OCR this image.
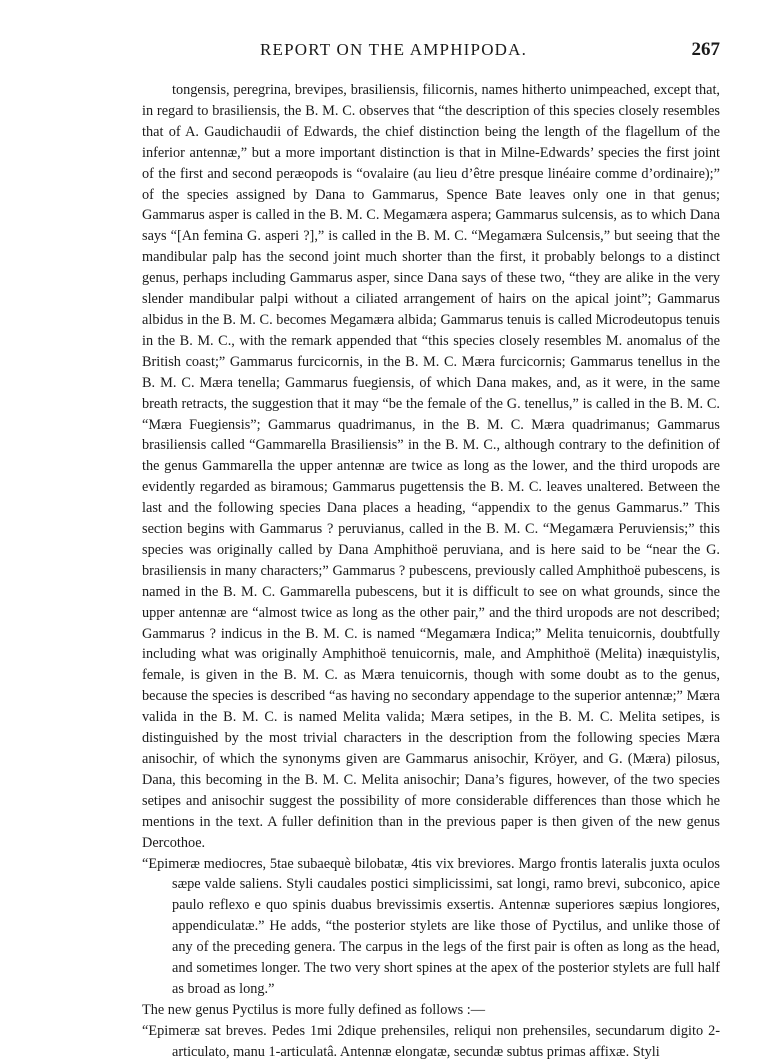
REPORT ON THE AMPHIPODA.	267

tongensis, peregrina, brevipes, brasiliensis, filicornis, names hitherto unimpeached, except that, in regard to brasiliensis, the B. M. C. observes that “the description of this species closely resembles that of A. Gaudichaudii of Edwards, the chief distinction being the length of the flagellum of the inferior antennæ,” but a more important distinction is that in Milne-Edwards’ species the first joint of the first and second peræopods is “ovalaire (au lieu d’être presque linéaire comme d’ordinaire);” of the species assigned by Dana to Gammarus, Spence Bate leaves only one in that genus; Gammarus asper is called in the B. M. C. Megamæra aspera; Gammarus sulcensis, as to which Dana says “[An femina G. asperi ?],” is called in the B. M. C. “Megamæra Sulcensis,” but seeing that the mandibular palp has the second joint much shorter than the first, it probably belongs to a distinct genus, perhaps including Gammarus asper, since Dana says of these two, “they are alike in the very slender mandibular palpi without a ciliated arrangement of hairs on the apical joint”; Gammarus albidus in the B. M. C. becomes Megamæra albida; Gammarus tenuis is called Microdeutopus tenuis in the B. M. C., with the remark appended that “this species closely resembles M. anomalus of the British coast;” Gammarus furcicornis, in the B. M. C. Mæra furcicornis; Gammarus tenellus in the B. M. C. Mæra tenella; Gammarus fuegiensis, of which Dana makes, and, as it were, in the same breath retracts, the suggestion that it may “be the female of the G. tenellus,” is called in the B. M. C. “Mæra Fuegiensis”; Gammarus quadrimanus, in the B. M. C. Mæra quadrimanus; Gammarus brasiliensis called “Gammarella Brasiliensis” in the B. M. C., although contrary to the definition of the genus Gammarella the upper antennæ are twice as long as the lower, and the third uropods are evidently regarded as biramous; Gammarus pugettensis the B. M. C. leaves unaltered. Between the last and the following species Dana places a heading, “appendix to the genus Gammarus.” This section begins with Gammarus ? peruvianus, called in the B. M. C. “Megamæra Peruviensis;” this species was originally called by Dana Amphithoë peruviana, and is here said to be “near the G. brasiliensis in many characters;” Gammarus ? pubescens, previously called Amphithoë pubescens, is named in the B. M. C. Gammarella pubescens, but it is difficult to see on what grounds, since the upper antennæ are “almost twice as long as the other pair,” and the third uropods are not described; Gammarus ? indicus in the B. M. C. is named “Megamæra Indica;” Melita tenuicornis, doubtfully including what was originally Amphithoë tenuicornis, male, and Amphithoë (Melita) inæquistylis, female, is given in the B. M. C. as Mæra tenuicornis, though with some doubt as to the genus, because the species is described “as having no secondary appendage to the superior antennæ;” Mæra valida in the B. M. C. is named Melita valida; Mæra setipes, in the B. M. C. Melita setipes, is distinguished by the most trivial characters in the description from the following species Mæra anisochir, of which the synonyms given are Gammarus anisochir, Kröyer, and G. (Mæra) pilosus, Dana, this becoming in the B. M. C. Melita anisochir; Dana’s figures, however, of the two species setipes and anisochir suggest the possibility of more considerable differences than those which he mentions in the text. A fuller definition than in the previous paper is then given of the new genus Dercothoe.

“Epimeræ mediocres, 5tae subaequè bilobatæ, 4tis vix breviores. Margo frontis lateralis juxta oculos sæpe valde saliens. Styli caudales postici simplicissimi, sat longi, ramo brevi, subconico, apice paulo reflexo e quo spinis duabus brevissimis exsertis. Antennæ superiores sæpius longiores, appendiculatæ.” He adds, “the posterior stylets are like those of Pyctilus, and unlike those of any of the preceding genera. The carpus in the legs of the first pair is often as long as the head, and sometimes longer. The two very short spines at the apex of the posterior stylets are full half as broad as long.”

The new genus Pyctilus is more fully defined as follows :—

“Epimeræ sat breves. Pedes 1mi 2dique prehensiles, reliqui non prehensiles, secundarum digito 2-articulato, manu 1-articulatâ. Antennæ elongatæ, secundæ subtus primas affixæ. Styli
